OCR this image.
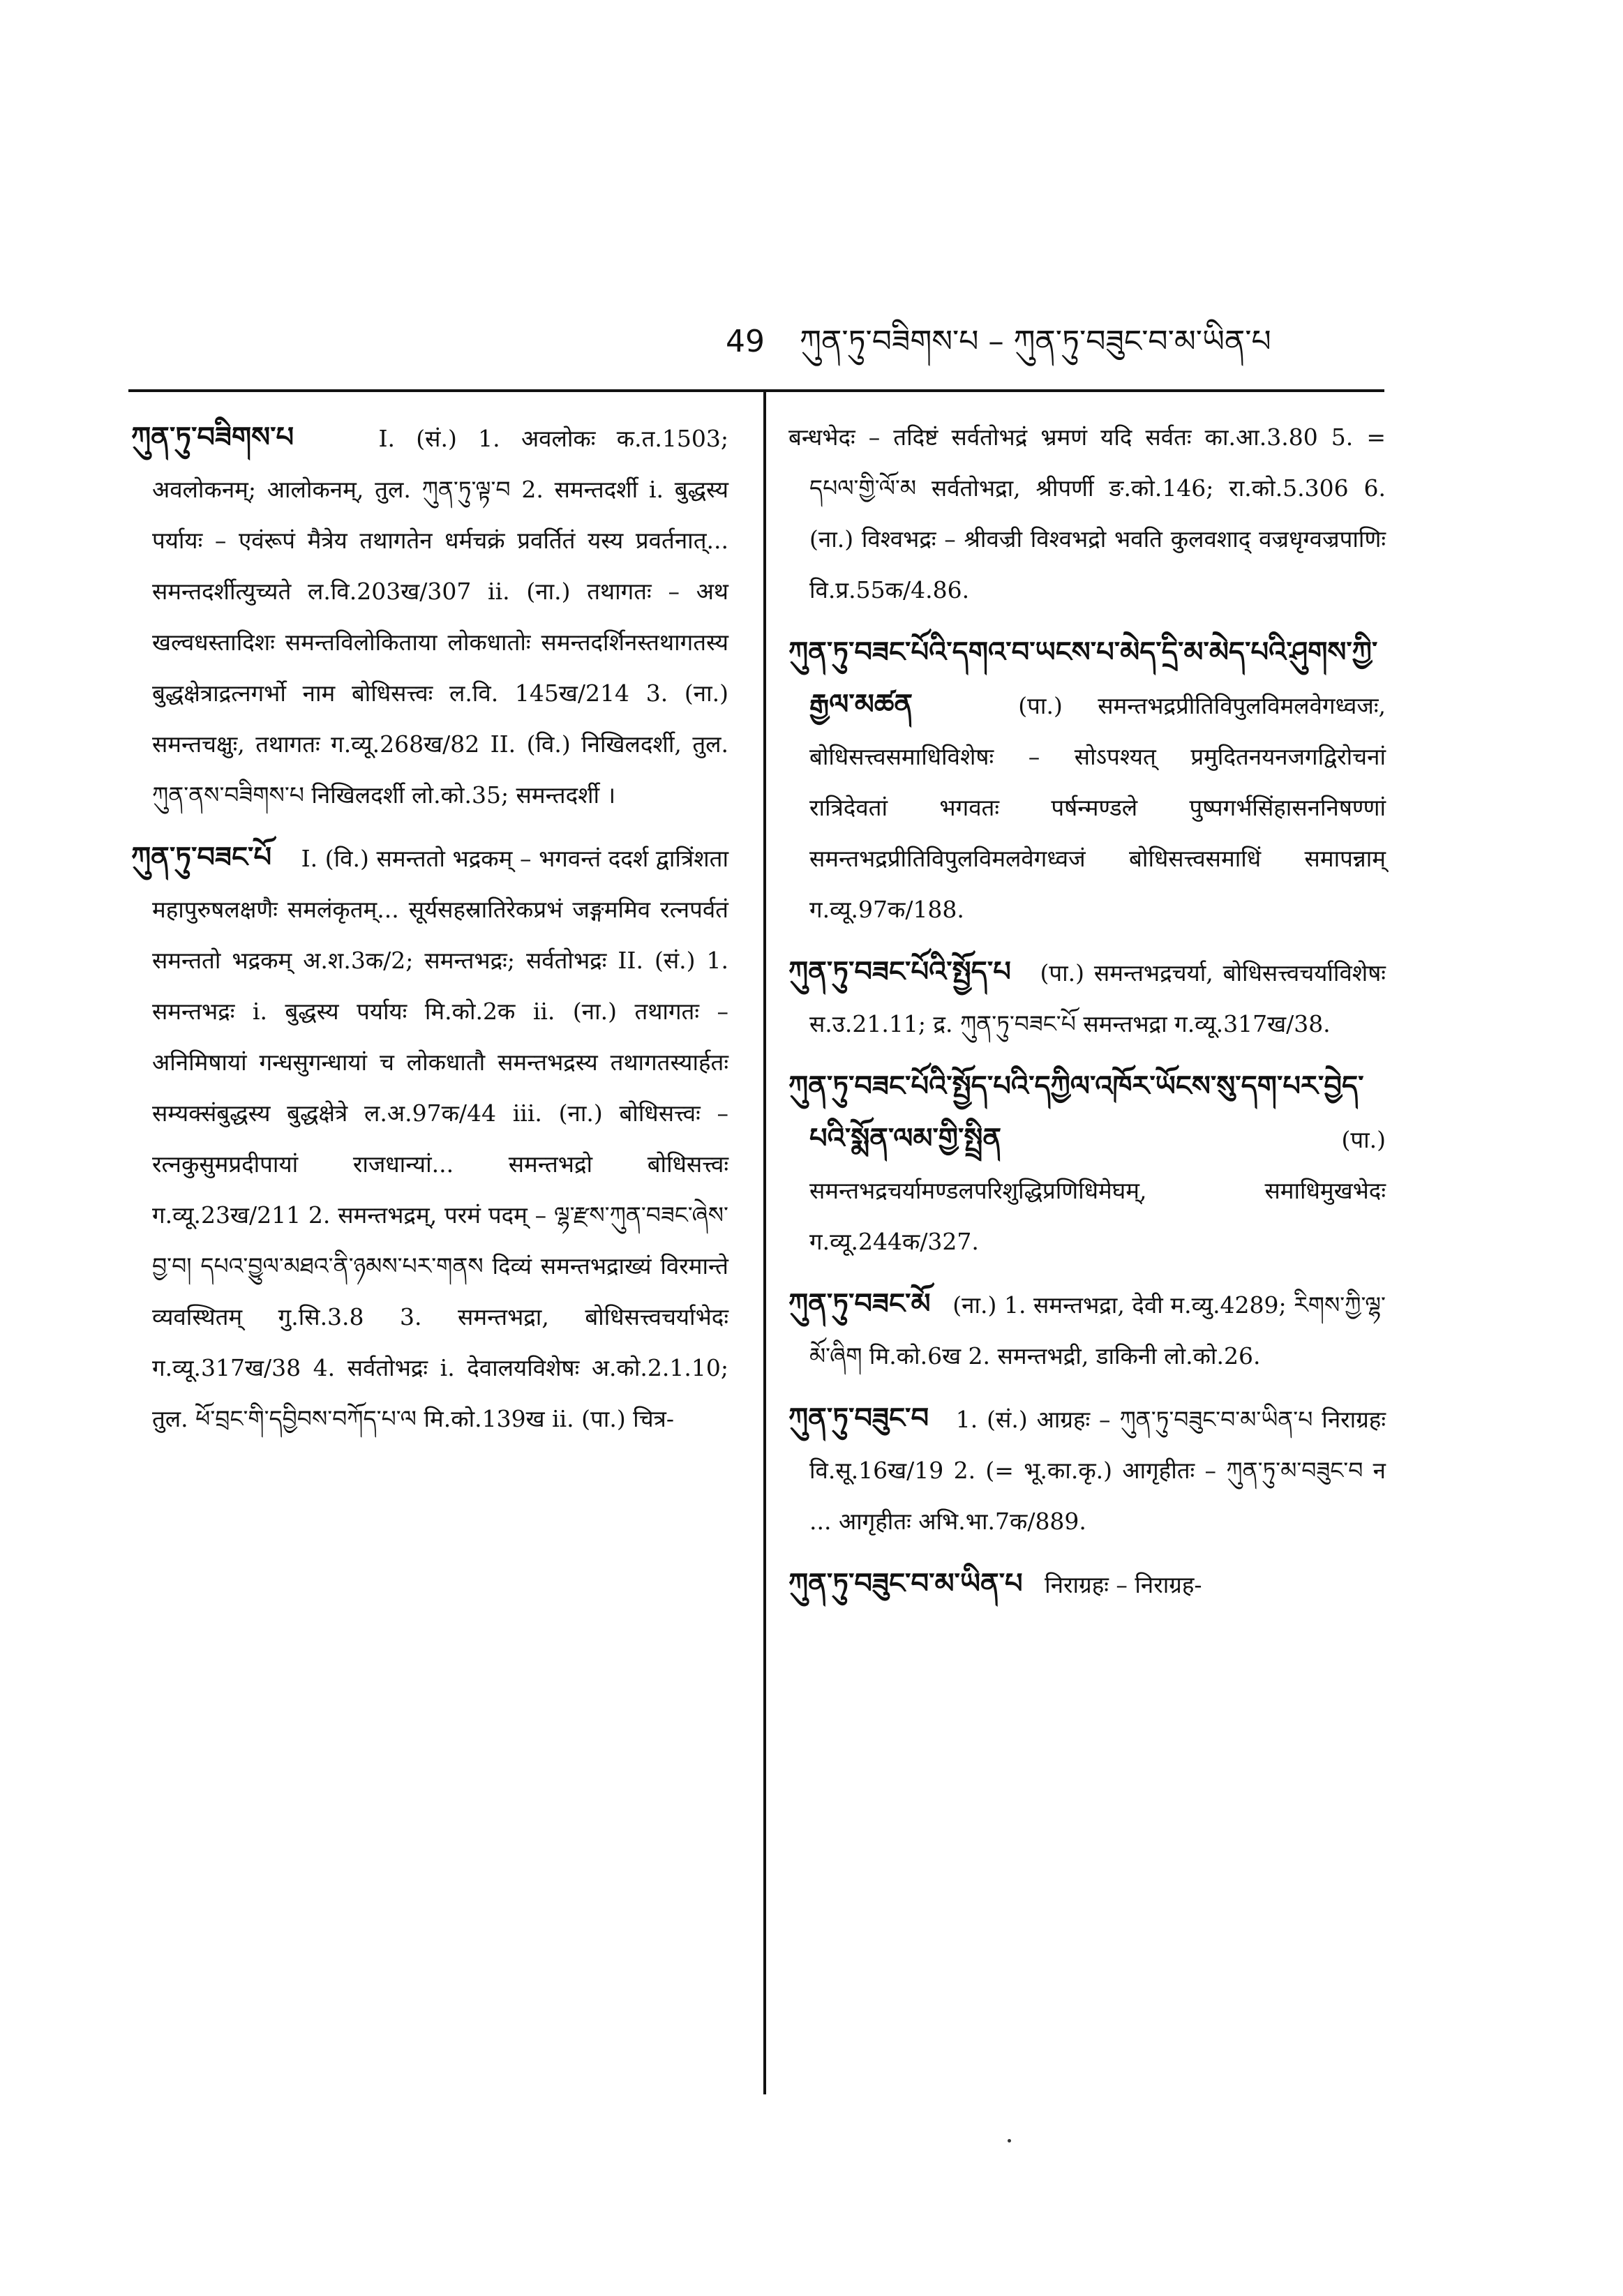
49 ཀུན་ཏུ་བཟིགས་པ – ཀུན་ཏུ་བཟུང་བ་མ་ཡིན་པ

ཀུན་ཏུ་བཟིགས་པ	I. (सं.) 1. अवलोकः क.त.1503; अवलोकनम्; आलोकनम्, तुल. ཀུན་ཏུ་ལྟ་བ 2. समन्तदर्शी i. बुद्धस्य पर्यायः – एवंरूपं मैत्रेय तथागतेन धर्मचक्रं प्रवर्तितं यस्य प्रवर्तनात्... समन्तदर्शीत्युच्यते ल.वि.203ख/307 ii. (ना.) तथागतः – अथ खल्वधस्तादिशः समन्तविलोकिताया लोकधातोः समन्तदर्शिनस्तथागतस्य बुद्धक्षेत्राद्रत्नगर्भो नाम बोधिसत्त्वः ल.वि. 145ख/214 3. (ना.) समन्तचक्षुः, तथागतः ग.व्यू.268ख/82 II. (वि.) निखिलदर्शी, तुल. ཀུན་ནས་བཟིགས་པ निखिलदर्शी लो.को.35; समन्तदर्शी ।

ཀུན་ཏུ་བཟང་པོ I. (वि.) समन्ततो भद्रकम् – भगवन्तं ददर्श द्वात्रिंशता महापुरुषलक्षणैः समलंकृतम्... सूर्यसहस्रातिरेकप्रभं जङ्गममिव रत्नपर्वतं समन्ततो भद्रकम् अ.श.3क/2; समन्तभद्रः; सर्वतोभद्रः II. (सं.) 1. समन्तभद्रः i. बुद्धस्य पर्यायः मि.को.2क ii. (ना.) तथागतः – अनिमिषायां गन्धसुगन्धायां च लोकधातौ समन्तभद्रस्य तथागतस्यार्हतः सम्यक्संबुद्धस्य बुद्धक्षेत्रे ल.अ.97क/44 iii. (ना.) बोधिसत्त्वः – रत्नकुसुमप्रदीपायां राजधान्यां... समन्तभद्रो बोधिसत्त्वः ग.व्यू.23ख/211 2. समन्तभद्रम्, परमं पदम् – ལྷ་རྫས་ཀུན་བཟང་ཞེས་བྱ་བ། དཔའ་བྱུལ་མཐའ་ནི་ཉམས་པར་གནས दिव्यं समन्तभद्राख्यं विरमान्ते व्यवस्थितम् गु.सि.3.8 3. समन्तभद्रा, बोधिसत्त्वचर्याभेदः ग.व्यू.317ख/38 4. सर्वतोभद्रः i. देवालयविशेषः अ.को.2.1.10; तुल. ཕོ་བྲང་གི་དབྱིབས་བཀོད་པ་ལ मि.को.139ख ii. (पा.) चित्र-

बन्धभेदः – तदिष्टं सर्वतोभद्रं भ्रमणं यदि सर्वतः का.आ.3.80 5. = དཔལ་གྱི་ལོ་མ सर्वतोभद्रा, श्रीपर्णी ङ.को.146; रा.को.5.306 6. (ना.) विश्वभद्रः – श्रीवज्री विश्वभद्रो भवति कुलवशाद् वज्रधृग्वज्रपाणिः वि.प्र.55क/4.86.

ཀུན་ཏུ་བཟང་པོའི་དགའ་བ་ཡངས་པ་མེད་དྲི་མ་མེད་པའི་ཤུགས་ཀྱི་རྒྱལ་མཚན	(पा.) समन्तभद्रप्रीतिविपुलविमलवेगध्वजः, बोधिसत्त्वसमाधिविशेषः – सोऽपश्यत् प्रमुदितनयनजगद्विरोचनां रात्रिदेवतां भगवतः पर्षन्मण्डले पुष्पगर्भसिंहासननिषण्णां समन्तभद्रप्रीतिविपुलविमलवेगध्वजं बोधिसत्त्वसमाधिं समापन्नाम् ग.व्यू.97क/188.

ཀུན་ཏུ་བཟང་པོའི་སྤྱོད་པ (पा.) समन्तभद्रचर्या, बोधिसत्त्वचर्याविशेषः स.उ.21.11; द्र. ཀུན་ཏུ་བཟང་པོ समन्तभद्रा ग.व्यू.317ख/38.

ཀུན་ཏུ་བཟང་པོའི་སྤྱོད་པའི་དཀྱིལ་འཁོར་ཡོངས་སུ་དག་པར་བྱེད་པའི་སྨོན་ལམ་གྱི་སྤྲིན	(पा.) समन्तभद्रचर्यामण्डलपरिशुद्धिप्रणिधिमेघम्, समाधिमुखभेदः ग.व्यू.244क/327.

ཀུན་ཏུ་བཟང་མོ (ना.) 1. समन्तभद्रा, देवी म.व्यु.4289; རིགས་ཀྱི་ལྷ་མོ་ཞིག मि.को.6ख 2. समन्तभद्री, डाकिनी लो.को.26.

ཀུན་ཏུ་བཟུང་བ 1. (सं.) आग्रहः – ཀུན་ཏུ་བཟུང་བ་མ་ཡིན་པ निराग्रहः वि.सू.16ख/19 2. (= भू.का.कृ.) आगृहीतः – ཀུན་ཏུ་མ་བཟུང་བ न ... आगृहीतः अभि.भा.7क/889.

ཀུན་ཏུ་བཟུང་བ་མ་ཡིན་པ निराग्रहः – निराग्रह-
